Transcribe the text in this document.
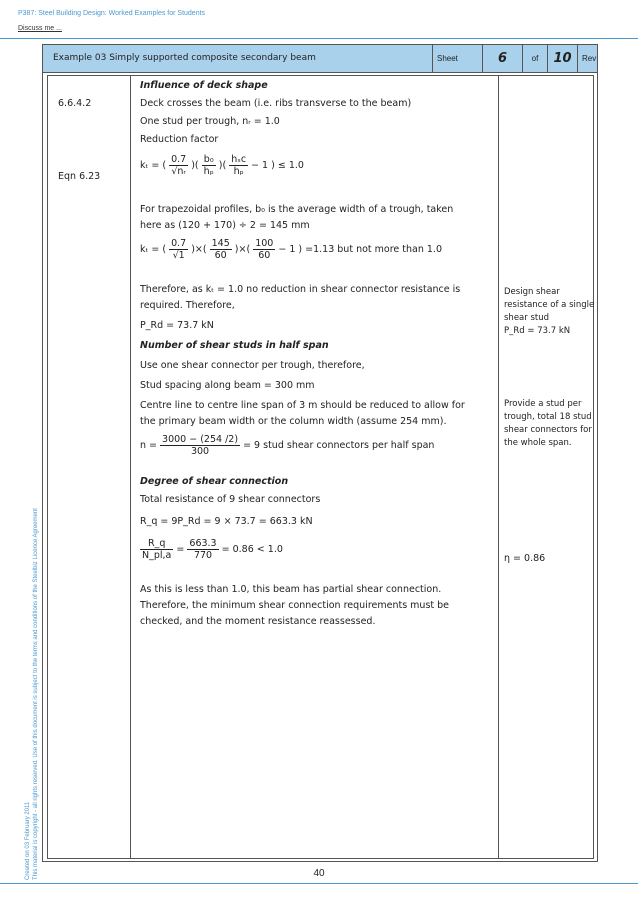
P387: Steel Building Design: Worked Examples for Students
Discuss me ...
Created on 03 February 2011 This material is copyright - all rights reserved. Use of this document is subject to the terms and conditions of the Steelbiz Licence Agreement
Example 03 Simply supported composite secondary beam	Sheet	6	of	10	Rev
6.6.4.2
Eqn 6.23
Influence of deck shape
Deck crosses the beam (i.e. ribs transverse to the beam)
One stud per trough, nᵣ = 1.0
Reduction factor
kₜ = ( $\frac{0.7}{\text{√nᵣ}}$ )( $\frac{\text{b₀}}{\text{hₚ}}$ )( $\frac{\text{hₛᴄ}}{\text{hₚ}} - 1$ ) ≤ 1.0
For trapezoidal profiles, b₀ is the average width of a trough, taken
here as (120 + 170) ÷ 2 = 145 mm
kₜ = ( $\frac{0.7}{√1}$ )×( $\frac{145}{60}$ )×( $\frac{100}{60} - 1$ ) =1.13 but not more than 1.0
Therefore, as kₜ = 1.0 no reduction in shear connector resistance is
required. Therefore,
P_Rd = 73.7 kN
Number of shear studs in half span
Use one shear connector per trough, therefore,
Stud spacing along beam = 300 mm
Centre line to centre line span of 3 m should be reduced to allow for
the primary beam width or the column width (assume 254 mm).
$n = \frac{3000 - (254 /2)}{300} = 9$ stud shear connectors per half span
Degree of shear connection
Total resistance of 9 shear connectors
R_q = 9P_Rd = 9 × 73.7 = 663.3 kN
$\frac{R\_q}{N\_pl,a} = \frac{663.3}{770} = 0.86 < 1.0$
As this is less than 1.0, this beam has partial shear connection.
Therefore, the minimum shear connection requirements must be
checked, and the moment resistance reassessed.
Design shear resistance of a single shear stud
P_Rd = 73.7 kN
Provide a stud per trough, total 18 stud shear connectors for the whole span.
η = 0.86
40
